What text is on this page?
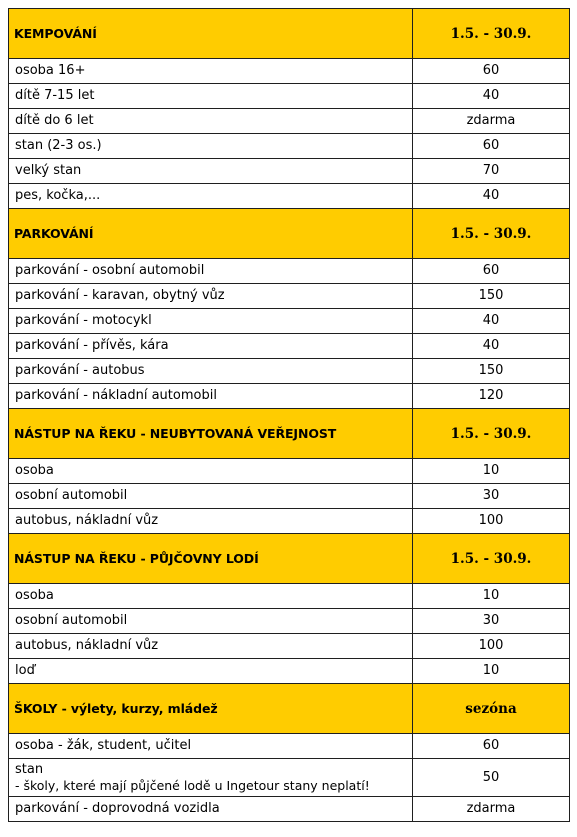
KEMPOVÁNÍ	1.5. - 30.9.
osoba 16+	60
dítě 7-15 let	40
dítě do 6 let	zdarma
stan (2-3 os.)	60
velký stan	70
pes, kočka,...	40
PARKOVÁNÍ	1.5. - 30.9.
parkování - osobní automobil	60
parkování - karavan, obytný vůz	150
parkování - motocykl	40
parkování - přívěs, kára	40
parkování - autobus	150
parkování - nákladní automobil	120
NÁSTUP NA ŘEKU - NEUBYTOVANÁ VEŘEJNOST	1.5. - 30.9.
osoba	10
osobní automobil	30
autobus, nákladní vůz	100
NÁSTUP NA ŘEKU - PŮJČOVNY LODÍ	1.5. - 30.9.
osoba	10
osobní automobil	30
autobus, nákladní vůz	100
loď	10
ŠKOLY - výlety, kurzy, mládež	sezóna
osoba - žák, student, učitel	60

stan
- školy, které mají půjčené lodě u Ingetour stany neplatí!	50
parkování - doprovodná vozidla	zdarma
